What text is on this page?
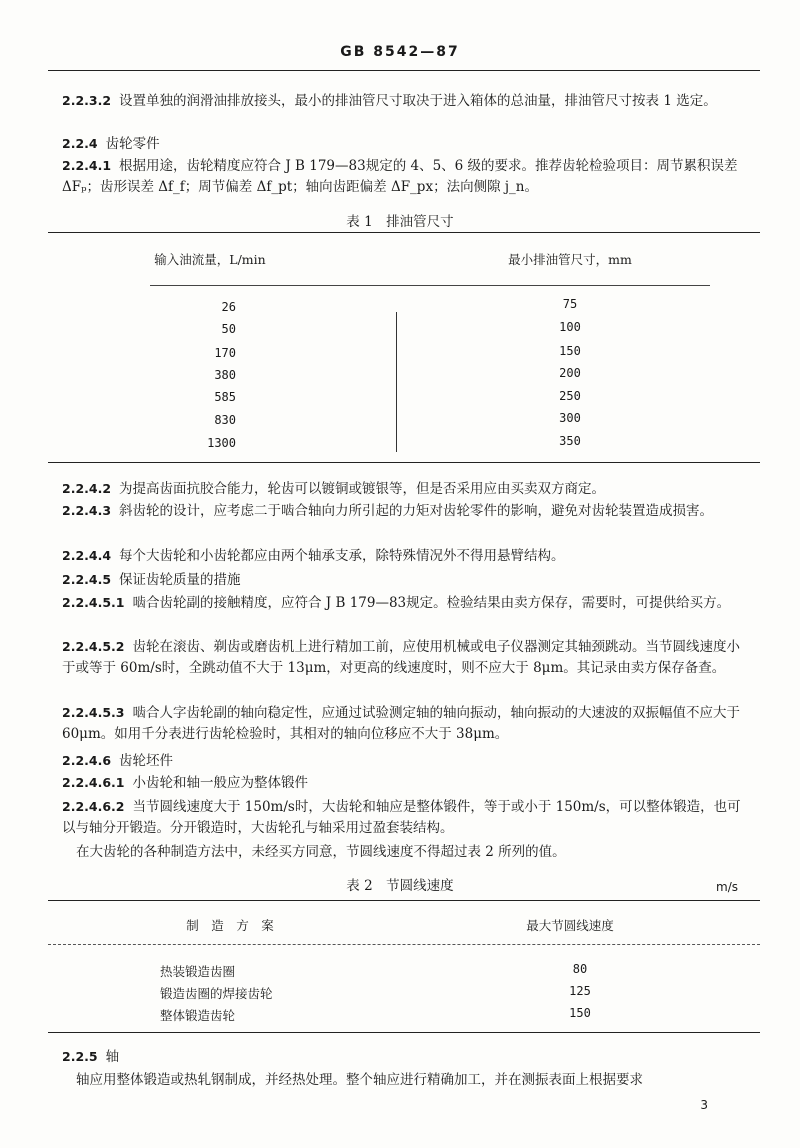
GB 8542—87
2.2.3.2 设置单独的润滑油排放接头，最小的排油管尺寸取决于进入箱体的总油量，排油管尺寸按表 1 选定。
2.2.4 齿轮零件
2.2.4.1 根据用途，齿轮精度应符合 J B 179—83规定的 4、5、6 级的要求。推荐齿轮检验项目：周节累积误差 ΔFₚ；齿形误差 Δf_f；周节偏差 Δf_pt；轴向齿距偏差 ΔF_px；法向侧隙 j_n。
表 1　排油管尺寸
输入油流量，L/min	最小排油管尺寸，mm
26	75
50	100
170	150
380	200
585	250
830	300
1300	350
2.2.4.2 为提高齿面抗胶合能力，轮齿可以镀铜或镀银等，但是否采用应由买卖双方商定。
2.2.4.3 斜齿轮的设计，应考虑二于啮合轴向力所引起的力矩对齿轮零件的影响，避免对齿轮装置造成损害。
2.2.4.4 每个大齿轮和小齿轮都应由两个轴承支承，除特殊情况外不得用悬臂结构。
2.2.4.5 保证齿轮质量的措施
2.2.4.5.1 啮合齿轮副的接触精度，应符合 J B 179—83规定。检验结果由卖方保存，需要时，可提供给买方。
2.2.4.5.2 齿轮在滚齿、剃齿或磨齿机上进行精加工前，应使用机械或电子仪器测定其轴颈跳动。当节圆线速度小于或等于 60m/s时，全跳动值不大于 13μm，对更高的线速度时，则不应大于 8μm。其记录由卖方保存备查。
2.2.4.5.3 啮合人字齿轮副的轴向稳定性，应通过试验测定轴的轴向振动，轴向振动的大速波的双振幅值不应大于 60μm。如用千分表进行齿轮检验时，其相对的轴向位移应不大于 38μm。
2.2.4.6 齿轮坯件
2.2.4.6.1 小齿轮和轴一般应为整体锻件
2.2.4.6.2 当节圆线速度大于 150m/s时，大齿轮和轴应是整体锻件，等于或小于 150m/s，可以整体锻造，也可以与轴分开锻造。分开锻造时，大齿轮孔与轴采用过盈套装结构。
在大齿轮的各种制造方法中，未经买方同意，节圆线速度不得超过表 2 所列的值。
表 2　节圆线速度	m/s
制　造　方　案	最大节圆线速度
热装锻造齿圈	80
锻造齿圈的焊接齿轮	125
整体锻造齿轮	150
2.2.5 轴
轴应用整体锻造或热轧钢制成，并经热处理。整个轴应进行精确加工，并在测振表面上根据要求
3
